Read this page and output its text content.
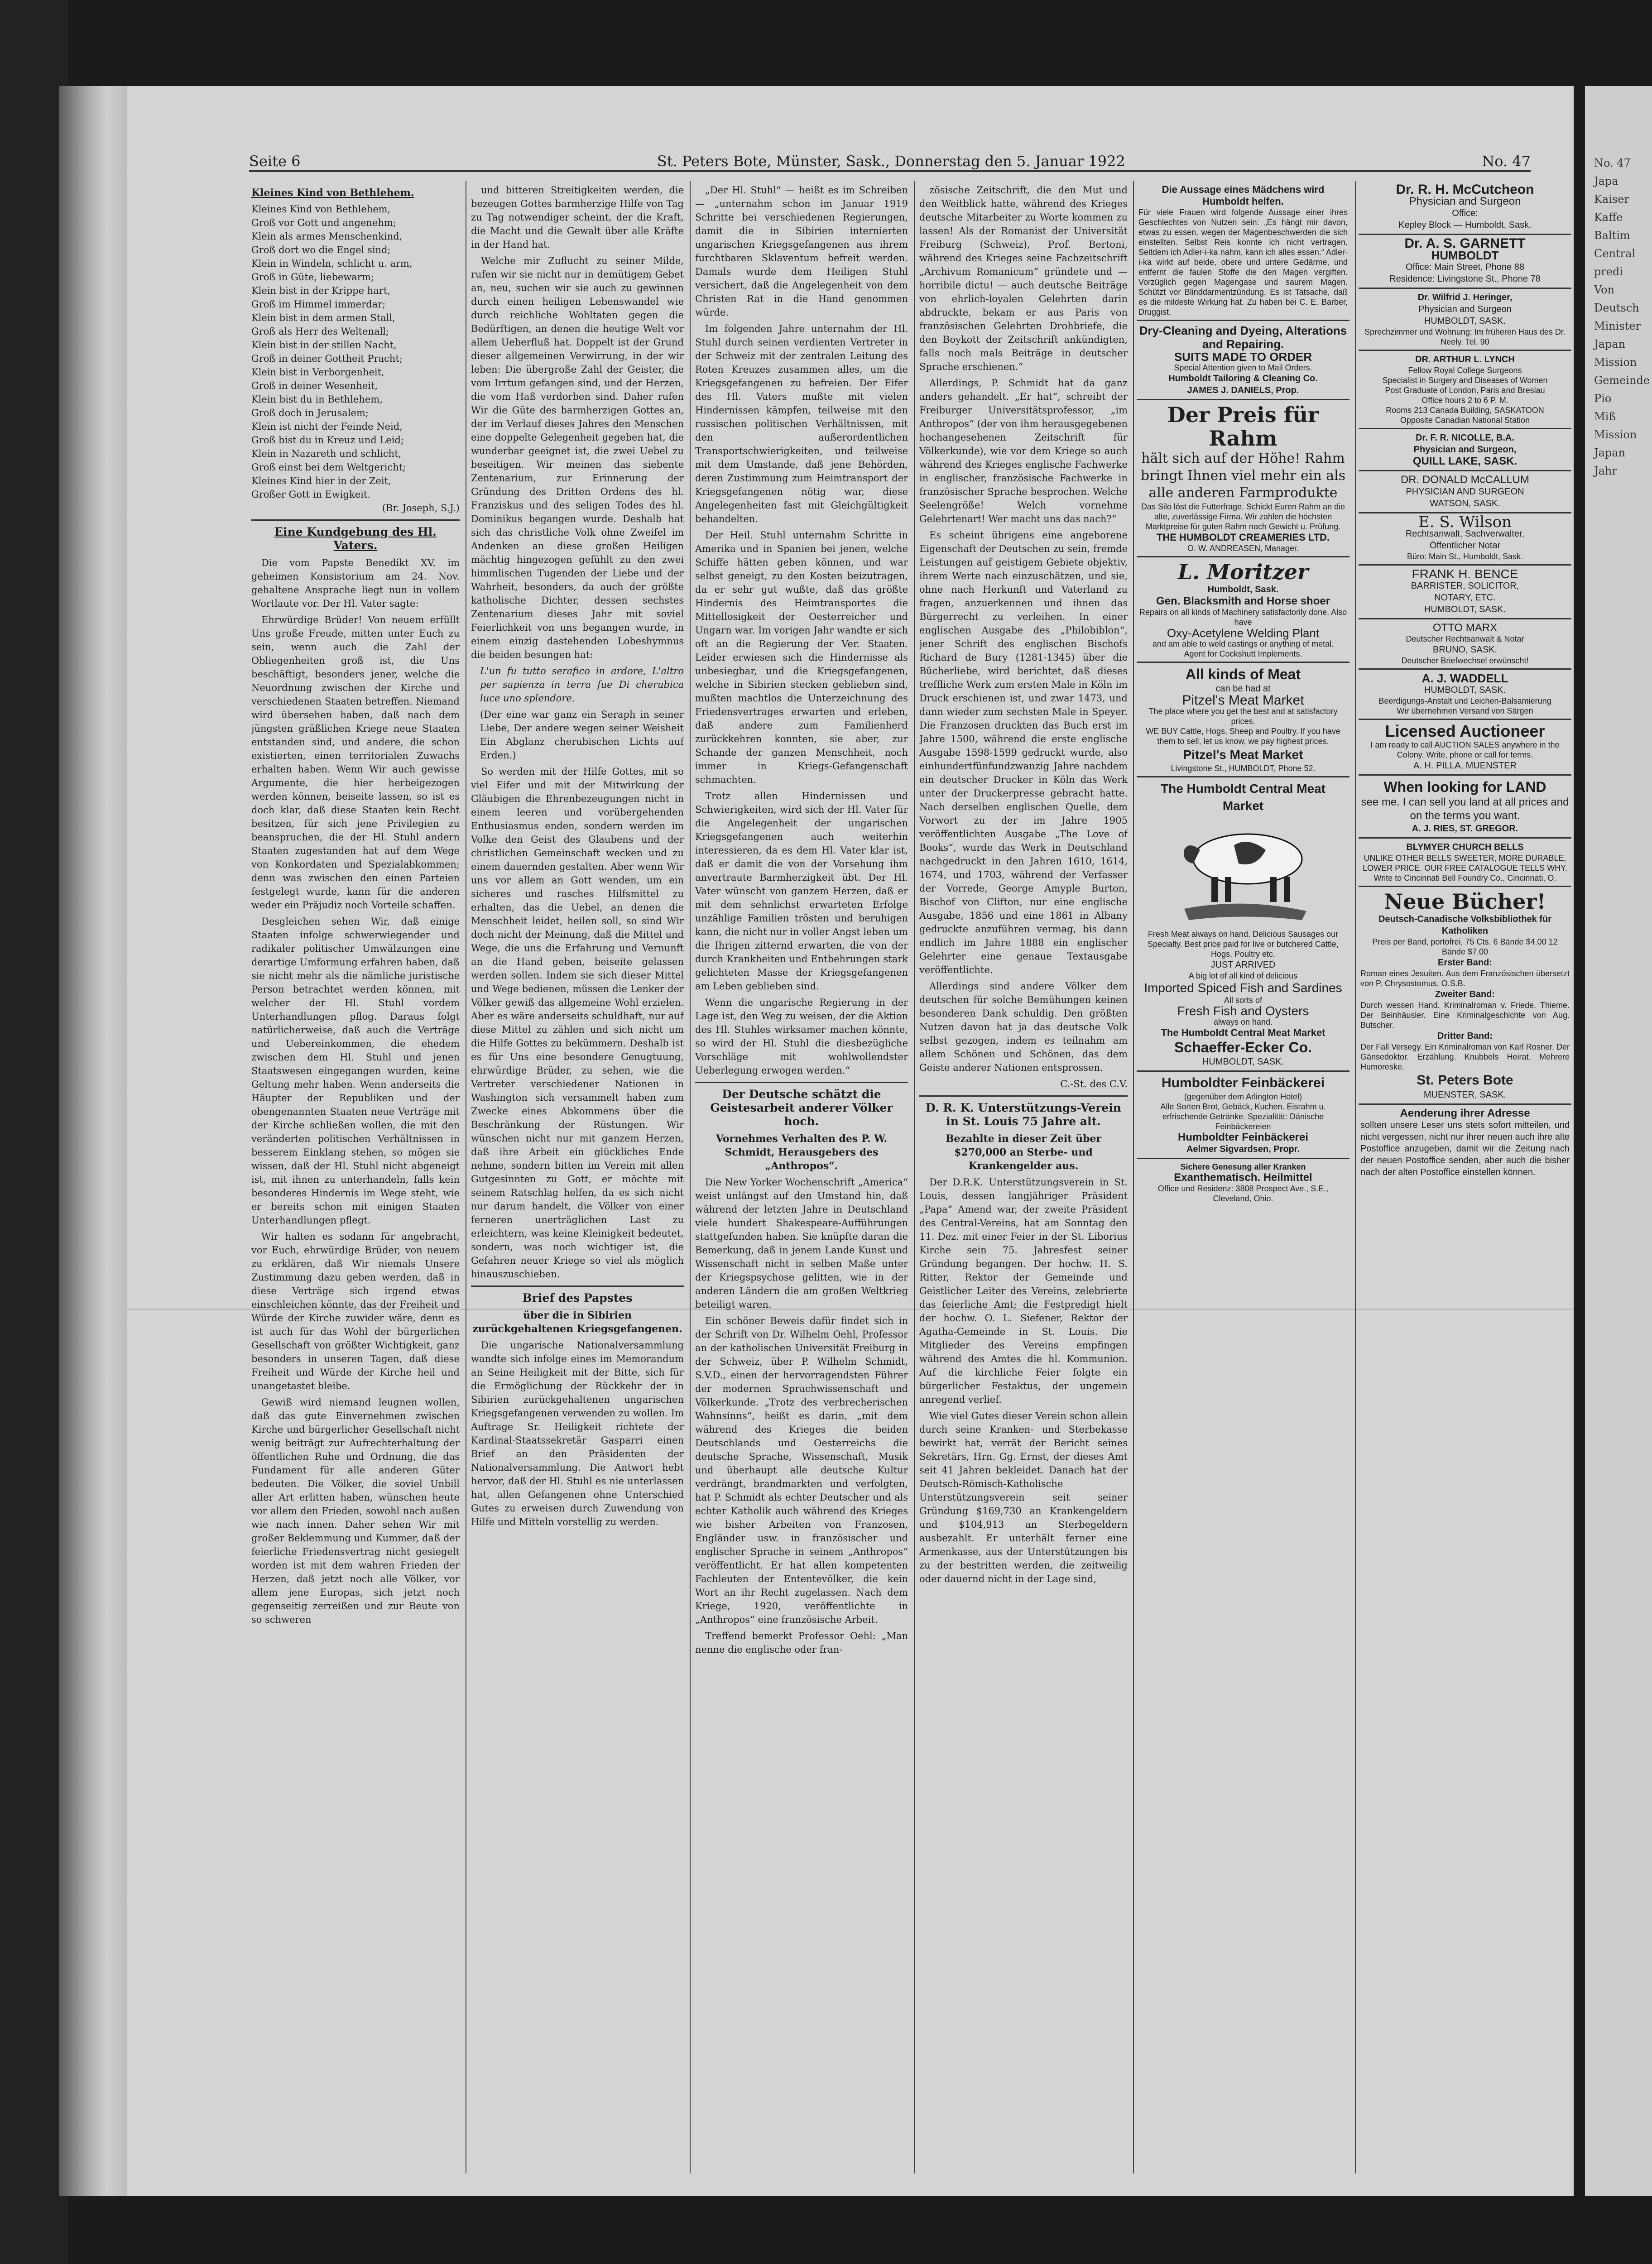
Seite 6	St. Peters Bote, Münster, Sask., Donnerstag den 5. Januar 1922	No. 47
Kleines Kind von Bethlehem.

Kleines Kind von Bethlehem,

Groß vor Gott und angenehm;

Klein als armes Menschenkind,

Groß dort wo die Engel sind;

Klein in Windeln, schlicht u. arm,

Groß in Güte, liebewarm;

Klein bist in der Krippe hart,

Groß im Himmel immerdar;

Klein bist in dem armen Stall,

Groß als Herr des Weltenall;

Klein bist in der stillen Nacht,

Groß in deiner Gottheit Pracht;

Klein bist in Verborgenheit,

Groß in deiner Wesenheit,

Klein bist du in Bethlehem,

Groß doch in Jerusalem;

Klein ist nicht der Feinde Neid,

Groß bist du in Kreuz und Leid;

Klein in Nazareth und schlicht,

Groß einst bei dem Weltgericht;

Kleines Kind hier in der Zeit,

Großer Gott in Ewigkeit.

(Br. Joseph, S.J.)

Eine Kundgebung des Hl. Vaters.

Die vom Papste Benedikt XV. im geheimen Konsistorium am 24. Nov. gehaltene Ansprache liegt nun in vollem Wortlaute vor. Der Hl. Vater sagte:

Ehrwürdige Brüder! Von neuem erfüllt Uns große Freude, mitten unter Euch zu sein, wenn auch die Zahl der Obliegenheiten groß ist, die Uns beschäftigt, besonders jener, welche die Neuordnung zwischen der Kirche und verschiedenen Staaten betreffen. Niemand wird übersehen haben, daß nach dem jüngsten gräßlichen Kriege neue Staaten entstanden sind, und andere, die schon existierten, einen territorialen Zuwachs erhalten haben. Wenn Wir auch gewisse Argumente, die hier herbeigezogen werden können, beiseite lassen, so ist es doch klar, daß diese Staaten kein Recht besitzen, für sich jene Privilegien zu beanspruchen, die der Hl. Stuhl andern Staaten zugestanden hat auf dem Wege von Konkordaten und Spezialabkommen; denn was zwischen den einen Parteien festgelegt wurde, kann für die anderen weder ein Präjudiz noch Vorteile schaffen.

Desgleichen sehen Wir, daß einige Staaten infolge schwerwiegender und radikaler politischer Umwälzungen eine derartige Umformung erfahren haben, daß sie nicht mehr als die nämliche juristische Person betrachtet werden können, mit welcher der Hl. Stuhl vordem Unterhandlungen pflog. Daraus folgt natürlicherweise, daß auch die Verträge und Uebereinkommen, die ehedem zwischen dem Hl. Stuhl und jenen Staatswesen eingegangen wurden, keine Geltung mehr haben. Wenn anderseits die Häupter der Republiken und der obengenannten Staaten neue Verträge mit der Kirche schließen wollen, die mit den veränderten politischen Verhältnissen in besserem Einklang stehen, so mögen sie wissen, daß der Hl. Stuhl nicht abgeneigt ist, mit ihnen zu unterhandeln, falls kein besonderes Hindernis im Wege steht, wie er bereits schon mit einigen Staaten Unterhandlungen pflegt.

Wir halten es sodann für angebracht, vor Euch, ehrwürdige Brüder, von neuem zu erklären, daß Wir niemals Unsere Zustimmung dazu geben werden, daß in diese Verträge sich irgend etwas einschleichen könnte, das der Freiheit und Würde der Kirche zuwider wäre, denn es ist auch für das Wohl der bürgerlichen Gesellschaft von größter Wichtigkeit, ganz besonders in unseren Tagen, daß diese Freiheit und Würde der Kirche heil und unangetastet bleibe.

Gewiß wird niemand leugnen wollen, daß das gute Einvernehmen zwischen Kirche und bürgerlicher Gesellschaft nicht wenig beiträgt zur Aufrechterhaltung der öffentlichen Ruhe und Ordnung, die das Fundament für alle anderen Güter bedeuten. Die Völker, die soviel Unbill aller Art erlitten haben, wünschen heute vor allem den Frieden, sowohl nach außen wie nach innen. Daher sehen Wir mit großer Beklemmung und Kummer, daß der feierliche Friedensvertrag nicht gesiegelt worden ist mit dem wahren Frieden der Herzen, daß jetzt noch alle Völker, vor allem jene Europas, sich jetzt noch gegenseitig zerreißen und zur Beute von so schweren

und bitteren Streitigkeiten werden, die bezeugen Gottes barmherzige Hilfe von Tag zu Tag notwendiger scheint, der die Kraft, die Macht und die Gewalt über alle Kräfte in der Hand hat.

Welche mir Zuflucht zu seiner Milde, rufen wir sie nicht nur in demütigem Gebet an, neu, suchen wir sie auch zu gewinnen durch einen heiligen Lebenswandel wie durch reichliche Wohltaten gegen die Bedürftigen, an denen die heutige Welt vor allem Ueberfluß hat. Doppelt ist der Grund dieser allgemeinen Verwirrung, in der wir leben: Die übergroße Zahl der Geister, die vom Irrtum gefangen sind, und der Herzen, die vom Haß verdorben sind. Daher rufen Wir die Güte des barmherzigen Gottes an, der im Verlauf dieses Jahres den Menschen eine doppelte Gelegenheit gegeben hat, die wunderbar geeignet ist, die zwei Uebel zu beseitigen. Wir meinen das siebente Zentenarium, zur Erinnerung der Gründung des Dritten Ordens des hl. Franziskus und des seligen Todes des hl. Dominikus begangen wurde. Deshalb hat sich das christliche Volk ohne Zweifel im Andenken an diese großen Heiligen mächtig hingezogen gefühlt zu den zwei himmlischen Tugenden der Liebe und der Wahrheit, besonders, da auch der größte katholische Dichter, dessen sechstes Zentenarium dieses Jahr mit soviel Feierlichkeit von uns begangen wurde, in einem einzig dastehenden Lobeshymnus die beiden besungen hat:

L'un fu tutto serafico in ardore, L'altro per sapienza in terra fue Di cherubica luce uno splendore.

(Der eine war ganz ein Seraph in seiner Liebe, Der andere wegen seiner Weisheit Ein Abglanz cherubischen Lichts auf Erden.)

So werden mit der Hilfe Gottes, mit so viel Eifer und mit der Mitwirkung der Gläubigen die Ehrenbezeugungen nicht in einem leeren und vorübergehenden Enthusiasmus enden, sondern werden im Volke den Geist des Glaubens und der christlichen Gemeinschaft wecken und zu einem dauernden gestalten. Aber wenn Wir uns vor allem an Gott wenden, um ein sicheres und rasches Hilfsmittel zu erhalten, das die Uebel, an denen die Menschheit leidet, heilen soll, so sind Wir doch nicht der Meinung, daß die Mittel und Wege, die uns die Erfahrung und Vernunft an die Hand geben, beiseite gelassen werden sollen. Indem sie sich dieser Mittel und Wege bedienen, müssen die Lenker der Völker gewiß das allgemeine Wohl erzielen. Aber es wäre anderseits schuldhaft, nur auf diese Mittel zu zählen und sich nicht um die Hilfe Gottes zu bekümmern. Deshalb ist es für Uns eine besondere Genugtuung, ehrwürdige Brüder, zu sehen, wie die Vertreter verschiedener Nationen in Washington sich versammelt haben zum Zwecke eines Abkommens über die Beschränkung der Rüstungen. Wir wünschen nicht nur mit ganzem Herzen, daß ihre Arbeit ein glückliches Ende nehme, sondern bitten im Verein mit allen Gutgesinnten zu Gott, er möchte mit seinem Ratschlag helfen, da es sich nicht nur darum handelt, die Völker von einer ferneren unerträglichen Last zu erleichtern, was keine Kleinigkeit bedeutet, sondern, was noch wichtiger ist, die Gefahren neuer Kriege so viel als möglich hinauszuschieben.

Brief des Papstes
über die in Sibirien zurückgehaltenen Kriegsgefangenen.

Die ungarische Nationalversammlung wandte sich infolge eines im Memorandum an Seine Heiligkeit mit der Bitte, sich für die Ermöglichung der Rückkehr der in Sibirien zurückgehaltenen ungarischen Kriegsgefangenen verwenden zu wollen. Im Auftrage Sr. Heiligkeit richtete der Kardinal-Staatssekretär Gasparri einen Brief an den Präsidenten der Nationalversammlung. Die Antwort hebt hervor, daß der Hl. Stuhl es nie unterlassen hat, allen Gefangenen ohne Unterschied Gutes zu erweisen durch Zuwendung von Hilfe und Mitteln vorstellig zu werden.

„Der Hl. Stuhl“ — heißt es im Schreiben — „unternahm schon im Januar 1919 Schritte bei verschiedenen Regierungen, damit die in Sibirien internierten ungarischen Kriegsgefangenen aus ihrem furchtbaren Sklaventum befreit werden. Damals wurde dem Heiligen Stuhl versichert, daß die Angelegenheit von dem Christen Rat in die Hand genommen würde.

Im folgenden Jahre unternahm der Hl. Stuhl durch seinen verdienten Vertreter in der Schweiz mit der zentralen Leitung des Roten Kreuzes zusammen alles, um die Kriegsgefangenen zu befreien. Der Eifer des Hl. Vaters mußte mit vielen Hindernissen kämpfen, teilweise mit den russischen politischen Verhältnissen, mit den außerordentlichen Transportschwierigkeiten, und teilweise mit dem Umstande, daß jene Behörden, deren Zustimmung zum Heimtransport der Kriegsgefangenen nötig war, diese Angelegenheiten fast mit Gleichgültigkeit behandelten.

Der Heil. Stuhl unternahm Schritte in Amerika und in Spanien bei jenen, welche Schiffe hätten geben können, und war selbst geneigt, zu den Kosten beizutragen, da er sehr gut wußte, daß das größte Hindernis des Heimtransportes die Mittellosigkeit der Oesterreicher und Ungarn war. Im vorigen Jahr wandte er sich oft an die Regierung der Ver. Staaten. Leider erwiesen sich die Hindernisse als unbesiegbar, und die Kriegsgefangenen, welche in Sibirien stecken geblieben sind, mußten machtlos die Unterzeichnung des Friedensvertrages erwarten und erleben, daß andere zum Familienherd zurückkehren konnten, sie aber, zur Schande der ganzen Menschheit, noch immer in Kriegs-Gefangenschaft schmachten.

Trotz allen Hindernissen und Schwierigkeiten, wird sich der Hl. Vater für die Angelegenheit der ungarischen Kriegsgefangenen auch weiterhin interessieren, da es dem Hl. Vater klar ist, daß er damit die von der Vorsehung ihm anvertraute Barmherzigkeit übt. Der Hl. Vater wünscht von ganzem Herzen, daß er mit dem sehnlichst erwarteten Erfolge unzählige Familien trösten und beruhigen kann, die nicht nur in voller Angst leben um die Ihrigen zitternd erwarten, die von der durch Krankheiten und Entbehrungen stark gelichteten Masse der Kriegsgefangenen am Leben geblieben sind.

Wenn die ungarische Regierung in der Lage ist, den Weg zu weisen, der die Aktion des Hl. Stuhles wirksamer machen könnte, so wird der Hl. Stuhl die diesbezügliche Vorschläge mit wohlwollendster Ueberlegung erwogen werden.“

Der Deutsche schätzt die Geistesarbeit anderer Völker hoch.
Vornehmes Verhalten des P. W. Schmidt, Herausgebers des „Anthropos“.

Die New Yorker Wochenschrift „America“ weist unlängst auf den Umstand hin, daß während der letzten Jahre in Deutschland viele hundert Shakespeare-Aufführungen stattgefunden haben. Sie knüpfte daran die Bemerkung, daß in jenem Lande Kunst und Wissenschaft nicht in selben Maße unter der Kriegspsychose gelitten, wie in der anderen Ländern die am großen Weltkrieg beteiligt waren.

Ein schöner Beweis dafür findet sich in der Schrift von Dr. Wilhelm Oehl, Professor an der katholischen Universität Freiburg in der Schweiz, über P. Wilhelm Schmidt, S.V.D., einen der hervorragendsten Führer der modernen Sprachwissenschaft und Völkerkunde. „Trotz des verbrecherischen Wahnsinns“, heißt es darin, „mit dem während des Krieges die beiden Deutschlands und Oesterreichs die deutsche Sprache, Wissenschaft, Musik und überhaupt alle deutsche Kultur verdrängt, brandmarkten und verfolgten, hat P. Schmidt als echter Deutscher und als echter Katholik auch während des Krieges wie bisher Arbeiten von Franzosen, Engländer usw. in französischer und englischer Sprache in seinem „Anthropos“ veröffentlicht. Er hat allen kompetenten Fachleuten der Ententevölker, die kein Wort an ihr Recht zugelassen. Nach dem Kriege, 1920, veröffentlichte in „Anthropos“ eine französische Arbeit.

Treffend bemerkt Professor Oehl: „Man nenne die englische oder fran-

zösische Zeitschrift, die den Mut und den Weitblick hatte, während des Krieges deutsche Mitarbeiter zu Worte kommen zu lassen! Als der Romanist der Universität Freiburg (Schweiz), Prof. Bertoni, während des Krieges seine Fachzeitschrift „Archivum Romanicum“ gründete und — horribile dictu! — auch deutsche Beiträge von ehrlich-loyalen Gelehrten darin abdruckte, bekam er aus Paris von französischen Gelehrten Drohbriefe, die den Boykott der Zeitschrift ankündigten, falls noch mals Beiträge in deutscher Sprache erschienen.“

Allerdings, P. Schmidt hat da ganz anders gehandelt. „Er hat“, schreibt der Freiburger Universitätsprofessor, „im Anthropos“ (der von ihm herausgegebenen hochangesehenen Zeitschrift für Völkerkunde), wie vor dem Kriege so auch während des Krieges englische Fachwerke in englischer, französische Fachwerke in französischer Sprache besprochen. Welche Seelengröße! Welch vornehme Gelehrtenart! Wer macht uns das nach?“

Es scheint übrigens eine angeborene Eigenschaft der Deutschen zu sein, fremde Leistungen auf geistigem Gebiete objektiv, ihrem Werte nach einzuschätzen, und sie, ohne nach Herkunft und Vaterland zu fragen, anzuerkennen und ihnen das Bürgerrecht zu verleihen. In einer englischen Ausgabe des „Philobiblon“, jener Schrift des englischen Bischofs Richard de Bury (1281-1345) über die Bücherliebe, wird berichtet, daß dieses treffliche Werk zum ersten Male in Köln im Druck erschienen ist, und zwar 1473, und dann wieder zum sechsten Male in Speyer. Die Franzosen druckten das Buch erst im Jahre 1500, während die erste englische Ausgabe 1598-1599 gedruckt wurde, also einhundertfünfundzwanzig Jahre nachdem ein deutscher Drucker in Köln das Werk unter der Druckerpresse gebracht hatte. Nach derselben englischen Quelle, dem Vorwort zu der im Jahre 1905 veröffentlichten Ausgabe „The Love of Books“, wurde das Werk in Deutschland nachgedruckt in den Jahren 1610, 1614, 1674, und 1703, während der Verfasser der Vorrede, George Amyple Burton, Bischof von Clifton, nur eine englische Ausgabe, 1856 und eine 1861 in Albany gedruckte anzuführen vermag, bis dann endlich im Jahre 1888 ein englischer Gelehrter eine genaue Textausgabe veröffentlichte.

Allerdings sind andere Völker dem deutschen für solche Bemühungen keinen besonderen Dank schuldig. Den größten Nutzen davon hat ja das deutsche Volk selbst gezogen, indem es teilnahm am allem Schönen und Schönen, das dem Geiste anderer Nationen entsprossen.

C.-St. des C.V.

D. R. K. Unterstützungs-Verein in St. Louis 75 Jahre alt.
Bezahlte in dieser Zeit über $270,000 an Sterbe- und Krankengelder aus.

Der D.R.K. Unterstützungsverein in St. Louis, dessen langjähriger Präsident „Papa“ Amend war, der zweite Präsident des Central-Vereins, hat am Sonntag den 11. Dez. mit einer Feier in der St. Liborius Kirche sein 75. Jahresfest seiner Gründung begangen. Der hochw. H. S. Ritter, Rektor der Gemeinde und Geistlicher Leiter des Vereins, zelebrierte das feierliche Amt; die Festpredigt hielt der hochw. O. L. Siefener, Rektor der Agatha-Gemeinde in St. Louis. Die Mitglieder des Vereins empfingen während des Amtes die hl. Kommunion. Auf die kirchliche Feier folgte ein bürgerlicher Festaktus, der ungemein anregend verlief.

Wie viel Gutes dieser Verein schon allein durch seine Kranken- und Sterbekasse bewirkt hat, verrät der Bericht seines Sekretärs, Hrn. Gg. Ernst, der dieses Amt seit 41 Jahren bekleidet. Danach hat der Deutsch-Römisch-Katholische Unterstützungsverein seit seiner Gründung $169,730 an Krankengeldern und $104,913 an Sterbegeldern ausbezahlt. Er unterhält ferner eine Armenkasse, aus der Unterstützungen bis zu der bestritten werden, die zeitweilig oder dauernd nicht in der Lage sind,

Die Aussage eines Mädchens wird Humboldt helfen.
Für viele Frauen wird folgende Aussage einer ihres Geschlechtes von Nutzen sein: „Es hängt mir davon, etwas zu essen, wegen der Magenbeschwerden die sich einstellten. Selbst Reis konnte ich nicht vertragen. Seitdem ich Adler-i-ka nahm, kann ich alles essen.“ Adler-i-ka wirkt auf beide, obere und untere Gedärme, und entfernt die faulen Stoffe die den Magen vergiften. Vorzüglich gegen Magengase und saurem Magen. Schützt vor Blinddarmentzündung. Es ist Tatsache, daß es die mildeste Wirkung hat. Zu haben bei C. E. Barber, Druggist.
Dry-Cleaning and Dyeing, Alterations and Repairing.
SUITS MADE TO ORDER
Special Attention given to Mail Orders.
Humboldt Tailoring & Cleaning Co.
JAMES J. DANIELS, Prop.
Der Preis für Rahm
hält sich auf der Höhe! Rahm bringt Ihnen viel mehr ein als alle anderen Farmprodukte
Das Silo löst die Futterfrage. Schickt Euren Rahm an die alte, zuverlässige Firma. Wir zahlen die höchsten Marktpreise für guten Rahm nach Gewicht u. Prüfung.
THE HUMBOLDT CREAMERIES LTD.
O. W. ANDREASEN, Manager.
L. Moritzer
Humboldt, Sask.
Gen. Blacksmith and Horse shoer
Repairs on all kinds of Machinery satisfactorily done. Also have
Oxy-Acetylene Welding Plant
and am able to weld castings or anything of metal.
Agent for Cockshutt Implements.
All kinds of Meat
can be had at
Pitzel's Meat Market
The place where you get the best and at satisfactory prices.
WE BUY Cattle, Hogs, Sheep and Poultry. If you have them to sell, let us know, we pay highest prices.
Pitzel's Meat Market
Livingstone St., HUMBOLDT, Phone 52.
The Humboldt Central Meat Market
Fresh Meat always on hand. Delicious Sausages our Specialty. Best price paid for live or butchered Cattle, Hogs, Poultry etc.
JUST ARRIVED
A big lot of all kind of delicious
Imported Spiced Fish and Sardines
All sorts of
Fresh Fish and Oysters
always on hand.
The Humboldt Central Meat Market
Schaeffer-Ecker Co.
HUMBOLDT, SASK.
Humboldter Feinbäckerei
(gegenüber dem Arlington Hotel)
Alle Sorten Brot, Gebäck, Kuchen. Eisrahm u. erfrischende Getränke. Spezialität: Dänische Feinbäckereien
Humboldter Feinbäckerei
Aelmer Sigvardsen, Propr.
Sichere Genesung aller Kranken
Exanthematisch. Heilmittel
Office und Residenz: 3808 Prospect Ave., S.E., Cleveland, Ohio.
Dr. R. H. McCutcheon
Physician and Surgeon
Office:
Kepley Block — Humboldt, Sask.
Dr. A. S. GARNETT
HUMBOLDT
Office: Main Street, Phone 88
Residence: Livingstone St., Phone 78
Dr. Wilfrid J. Heringer,
Physician and Surgeon
HUMBOLDT, SASK.
Sprechzimmer und Wohnung: Im früheren Haus des Dr. Neely. Tel. 90
DR. ARTHUR L. LYNCH
Fellow Royal College Surgeons
Specialist in Surgery and Diseases of Women
Post Graduate of London, Paris and Breslau
Office hours 2 to 6 P. M.
Rooms 213 Canada Building, SASKATOON
Opposite Canadian National Station
Dr. F. R. NICOLLE, B.A.
Physician and Surgeon,
QUILL LAKE, SASK.
DR. DONALD McCALLUM
PHYSICIAN AND SURGEON
WATSON, SASK.
E. S. Wilson
Rechtsanwalt, Sachverwalter,
Öffentlicher Notar
Büro: Main St., Humboldt, Sask.
FRANK H. BENCE
BARRISTER, SOLICITOR,
NOTARY, ETC.
HUMBOLDT, SASK.
OTTO MARX
Deutscher Rechtsanwalt & Notar
BRUNO, SASK.
Deutscher Briefwechsel erwünscht!
A. J. WADDELL
HUMBOLDT, SASK.
Beerdigungs-Anstalt und Leichen-Balsamierung
Wir übernehmen Versand von Särgen
Licensed Auctioneer
I am ready to call AUCTION SALES anywhere in the Colony. Write, phone or call for terms.
A. H. PILLA, MUENSTER
When looking for LAND
see me. I can sell you land at all prices and on the terms you want.
A. J. RIES, ST. GREGOR.
BLYMYER CHURCH BELLS
UNLIKE OTHER BELLS SWEETER, MORE DURABLE, LOWER PRICE. OUR FREE CATALOGUE TELLS WHY.
Write to Cincinnati Bell Foundry Co., Cincinnati, O.
Neue Bücher!
Deutsch-Canadische Volksbibliothek für Katholiken
Preis per Band, portofrei, 75 Cts. 6 Bände $4.00 12 Bände $7.00
Erster Band:
Roman eines Jesuiten. Aus dem Französischen übersetzt von P. Chrysostomus, O.S.B.
Zweiter Band:
Durch wessen Hand. Kriminalroman v. Friede. Thieme. Der Beinhäusler. Eine Kriminalgeschichte von Aug. Butscher.
Dritter Band:
Der Fall Versegy. Ein Kriminalroman von Karl Rosner. Der Gänsedoktor. Erzählung. Knubbels Heirat. Mehrere Humoreske.
St. Peters Bote
MUENSTER, SASK.
Aenderung ihrer Adresse
sollten unsere Leser uns stets sofort mitteilen, und nicht vergessen, nicht nur ihrer neuen auch ihre alte Postoffice anzugeben, damit wir die Zeitung nach der neuen Postoffice senden, aber auch die bisher nach der alten Postoffice einstellen können.
No. 47
Japa
Kaiser
Kaffe
Baltim
Central
predi
Von
Deutsch
Minister
Japan
Mission
Gemeinde
Pio
Miß
Mission
Japan
Jahr
